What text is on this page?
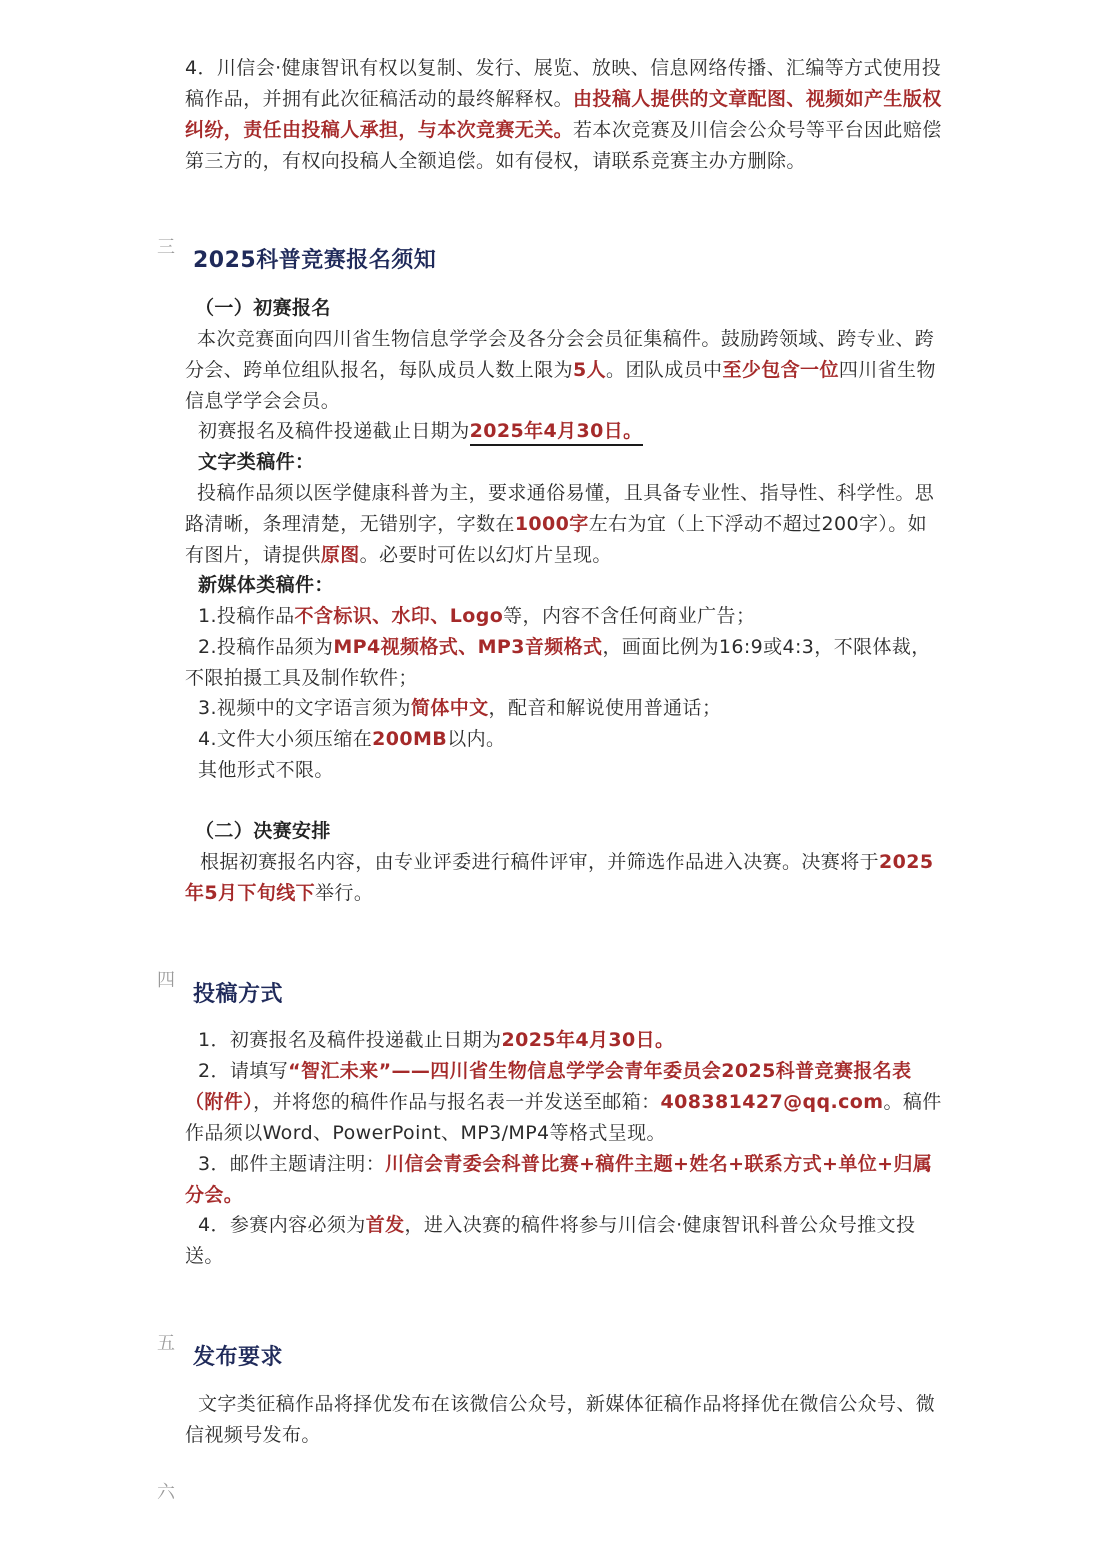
4．川信会·健康智讯有权以复制、发行、展览、放映、信息网络传播、汇编等方式使用投稿作品，并拥有此次征稿活动的最终解释权。由投稿人提供的文章配图、视频如产生版权纠纷，责任由投稿人承担，与本次竞赛无关。若本次竞赛及川信会公众号等平台因此赔偿第三方的，有权向投稿人全额追偿。如有侵权，请联系竞赛主办方删除。

三
2025科普竞赛报名须知

（一）初赛报名

本次竞赛面向四川省生物信息学学会及各分会会员征集稿件。鼓励跨领域、跨专业、跨分会、跨单位组队报名，每队成员人数上限为5人。团队成员中至少包含一位四川省生物信息学学会会员。

初赛报名及稿件投递截止日期为2025年4月30日。

文字类稿件：

投稿作品须以医学健康科普为主，要求通俗易懂，且具备专业性、指导性、科学性。思路清晰，条理清楚，无错别字，字数在1000字左右为宜（上下浮动不超过200字）。如有图片，请提供原图。必要时可佐以幻灯片呈现。

新媒体类稿件：

1.投稿作品不含标识、水印、Logo等，内容不含任何商业广告；

2.投稿作品须为MP4视频格式、MP3音频格式，画面比例为16:9或4:3，不限体裁，不限拍摄工具及制作软件；

3.视频中的文字语言须为简体中文，配音和解说使用普通话；

4.文件大小须压缩在200MB以内。

其他形式不限。

（二）决赛安排

根据初赛报名内容，由专业评委进行稿件评审，并筛选作品进入决赛。决赛将于2025年5月下旬线下举行。

四
投稿方式

1．初赛报名及稿件投递截止日期为2025年4月30日。

2．请填写“智汇未来”——四川省生物信息学学会青年委员会2025科普竞赛报名表（附件），并将您的稿件作品与报名表一并发送至邮箱：408381427@qq.com。稿件作品须以Word、PowerPoint、MP3/MP4等格式呈现。

3．邮件主题请注明：川信会青委会科普比赛+稿件主题+姓名+联系方式+单位+归属分会。

4．参赛内容必须为首发，进入决赛的稿件将参与川信会·健康智讯科普公众号推文投送。

五
发布要求

文字类征稿作品将择优发布在该微信公众号，新媒体征稿作品将择优在微信公众号、微信视频号发布。

六
